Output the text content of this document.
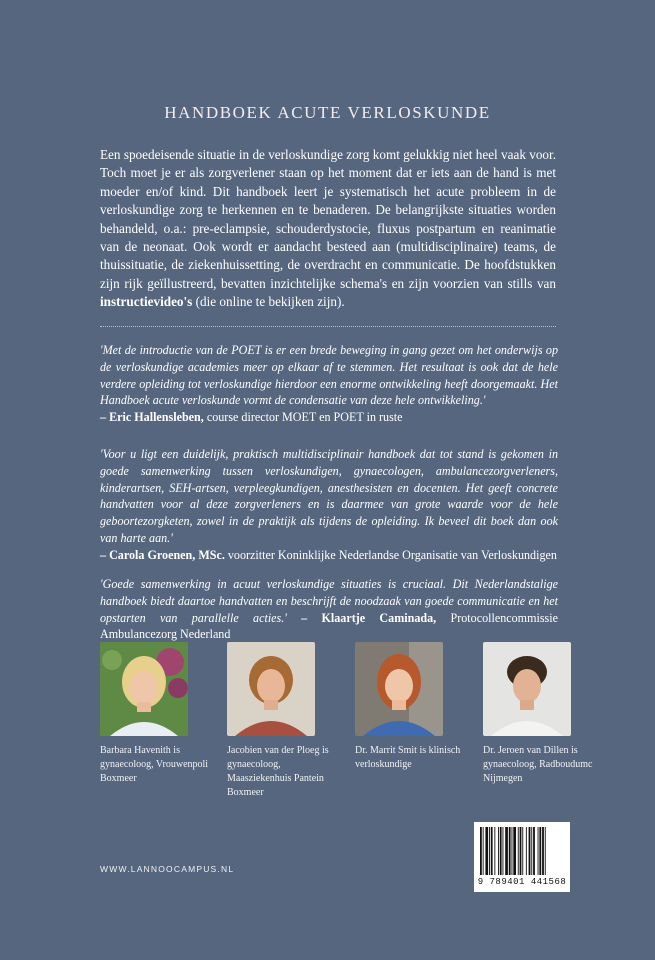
HANDBOEK ACUTE VERLOSKUNDE
Een spoedeisende situatie in de verloskundige zorg komt gelukkig niet heel vaak voor. Toch moet je er als zorgverlener staan op het moment dat er iets aan de hand is met moeder en/of kind. Dit handboek leert je systematisch het acute probleem in de verloskundige zorg te herkennen en te benaderen. De belangrijkste situaties worden behandeld, o.a.: pre-eclampsie, schouderdystocie, fluxus postpartum en reanimatie van de neonaat. Ook wordt er aandacht besteed aan (multidisciplinaire) teams, de thuissituatie, de ziekenhuissetting, de overdracht en communicatie. De hoofdstukken zijn rijk geïllustreerd, bevatten inzichtelijke schema's en zijn voorzien van stills van instructievideo's (die online te bekijken zijn).
'Met de introductie van de POET is er een brede beweging in gang gezet om het onderwijs op de verloskundige academies meer op elkaar af te stemmen. Het resultaat is ook dat de hele verdere opleiding tot verloskundige hierdoor een enorme ontwikkeling heeft doorgemaakt. Het Handboek acute verloskunde vormt de condensatie van deze hele ontwikkeling.'
– Eric Hallensleben, course director MOET en POET in ruste
'Voor u ligt een duidelijk, praktisch multidisciplinair handboek dat tot stand is gekomen in goede samenwerking tussen verloskundigen, gynaecologen, ambulancezorgverleners, kinderartsen, SEH-artsen, verpleegkundigen, anesthesisten en docenten. Het geeft concrete handvatten voor al deze zorgverleners en is daarmee van grote waarde voor de hele geboortezorgketen, zowel in de praktijk als tijdens de opleiding. Ik beveel dit boek dan ook van harte aan.'
– Carola Groenen, MSc. voorzitter Koninklijke Nederlandse Organisatie van Verloskundigen
'Goede samenwerking in acuut verloskundige situaties is cruciaal. Dit Nederlandstalige handboek biedt daartoe handvatten en beschrijft de noodzaak van goede communicatie en het opstarten van parallelle acties.' – Klaartje Caminada, Protocollencommissie Ambulancezorg Nederland
Barbara Havenith is gynaecoloog, Vrouwenpoli Boxmeer
Jacobien van der Ploeg is gynaecoloog, Maasziekenhuis Pantein Boxmeer
Dr. Marrit Smit is klinisch verloskundige
Dr. Jeroen van Dillen is gynaecoloog, Radboudumc Nijmegen
WWW.LANNOOCAMPUS.NL
9 789401 441568
